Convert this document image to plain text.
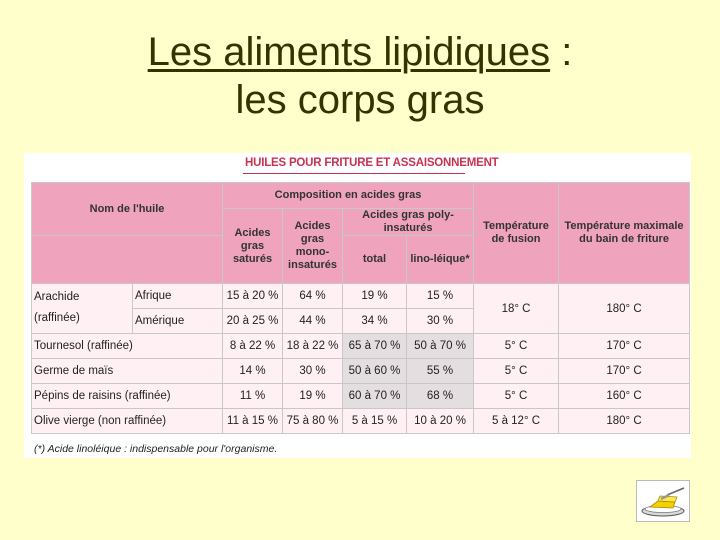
Les aliments lipidiques :
les corps gras
HUILES POUR FRITURE ET ASSAISONNEMENT
Nom de l'huile		Composition en acides gras				Température de fusion	Température maximale du bain de friture
		Acides gras saturés	Acides gras mono-insaturés	Acides gras poly-insaturés			
				total	lino-léique*		

Arachide
(raffinée)	Afrique	15 à 20 %	64 %	19 %	15 %	18° C	180° C
	Amérique	20 à 25 %	44 %	34 %	30 %		
Tournesol (raffinée)		8 à 22 %	18 à 22 %	65 à 70 %	50 à 70 %	5° C	170° C
Germe de maïs		14 %	30 %	50 à 60 %	55 %	5° C	170° C
Pépins de raisins (raffinée)		11 %	19 %	60 à 70 %	68 %	5° C	160° C
Olive vierge (non raffinée)		11 à 15 %	75 à 80 %	5 à 15 %	10 à 20 %	5 à 12° C	180° C
(*) Acide linoléique : indispensable pour l'organisme.
